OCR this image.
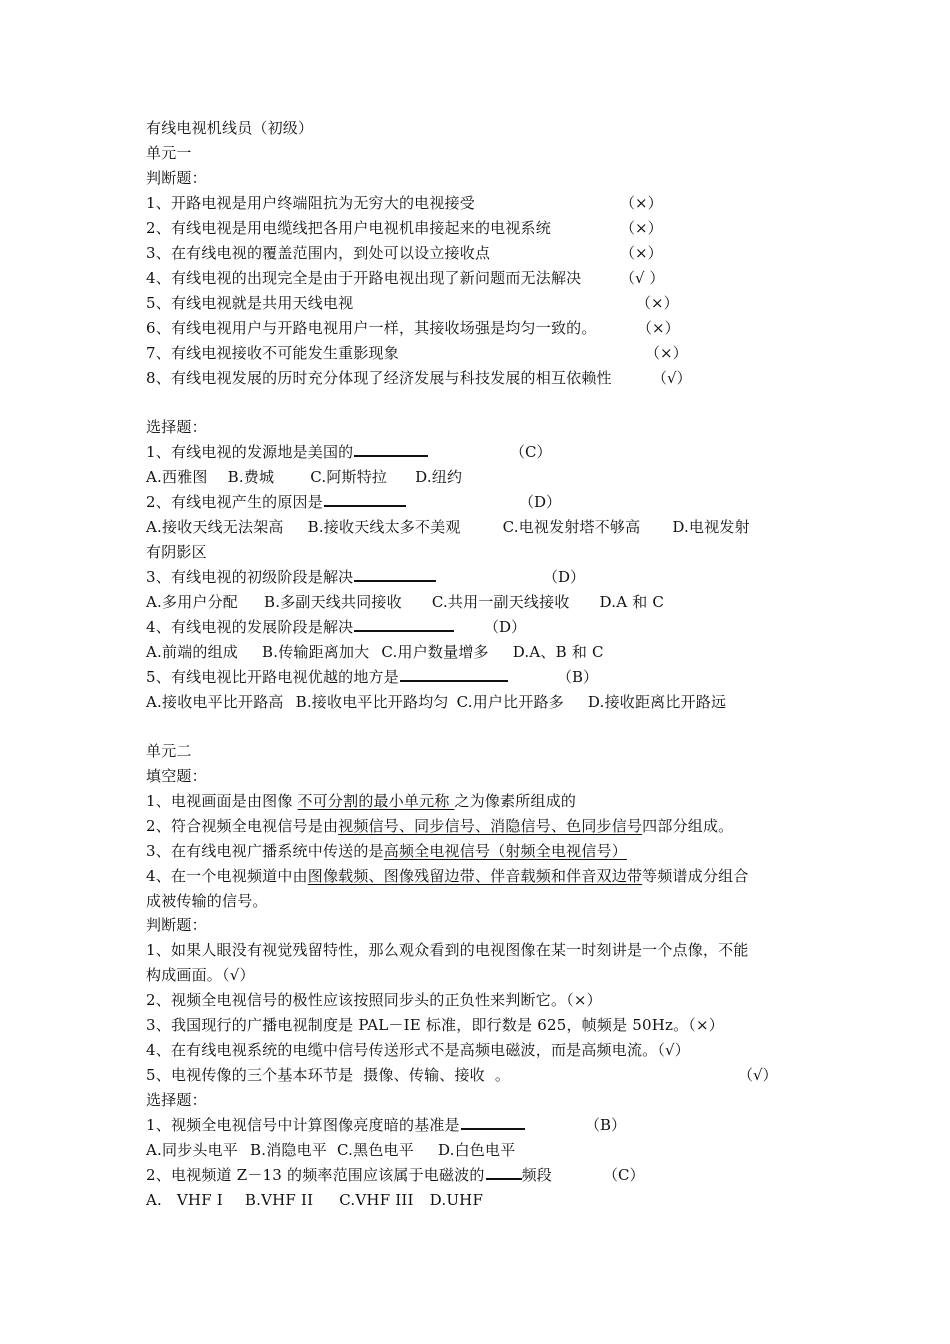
有线电视机线员（初级）
单元一
判断题：
1、开路电视是用户终端阻抗为无穷大的电视接受	（×）
2、有线电视是用电缆线把各用户电视机串接起来的电视系统	（×）
3、在有线电视的覆盖范围内，到处可以设立接收点	（×）
4、有线电视的出现完全是由于开路电视出现了新问题而无法解决	（√ ）
5、有线电视就是共用天线电视	（×）
6、有线电视用户与开路电视用户一样，其接收场强是均匀一致的。	（×）
7、有线电视接收不可能发生重影现象	（×）
8、有线电视发展的历时充分体现了经济发展与科技发展的相互依赖性	（√）
选择题：
1、有线电视的发源地是美国的	（C）
A.西雅图 B.费城 C.阿斯特拉 D.纽约
2、有线电视产生的原因是	（D）
A.接收天线无法架高 B.接收天线太多不美观	C.电视发射塔不够高 D.电视发射
有阴影区
3、有线电视的初级阶段是解决	（D）
A.多用户分配 B.多副天线共同接收 C.共用一副天线接收 D.A 和 C
4、有线电视的发展阶段是解决	（D）
A.前端的组成 B.传输距离加大 C.用户数量增多 D.A、B 和 C
5、有线电视比开路电视优越的地方是	（B）
A.接收电平比开路高 B.接收电平比开路均匀 C.用户比开路多 D.接收距离比开路远
单元二
填空题：
1、电视画面是由图像 不可分割的最小单元称 之为像素所组成的
2、符合视频全电视信号是由视频信号、同步信号、消隐信号、色同步信号四部分组成。
3、在有线电视广播系统中传送的是高频全电视信号（射频全电视信号）
4、在一个电视频道中由图像载频、图像残留边带、伴音载频和伴音双边带等频谱成分组合
成被传输的信号。
判断题：
1、如果人眼没有视觉残留特性，那么观众看到的电视图像在某一时刻讲是一个点像，不能
构成画面。（√）
2、视频全电视信号的极性应该按照同步头的正负性来判断它。（×）
3、我国现行的广播电视制度是 PAL－IE 标准，即行数是 625，帧频是 50Hz。（×）
4、在有线电视系统的电缆中信号传送形式不是高频电磁波，而是高频电流。（√）
5、电视传像的三个基本环节是  摄像、传输、接收  。	（√）
选择题：
1、视频全电视信号中计算图像亮度暗的基准是	（B）
A.同步头电平 B.消隐电平 C.黑色电平 D.白色电平
2、电视频道 Z－13 的频率范围应该属于电磁波的 频段	（C）
A.   VHF I B.VHF II C.VHF III D.UHF
